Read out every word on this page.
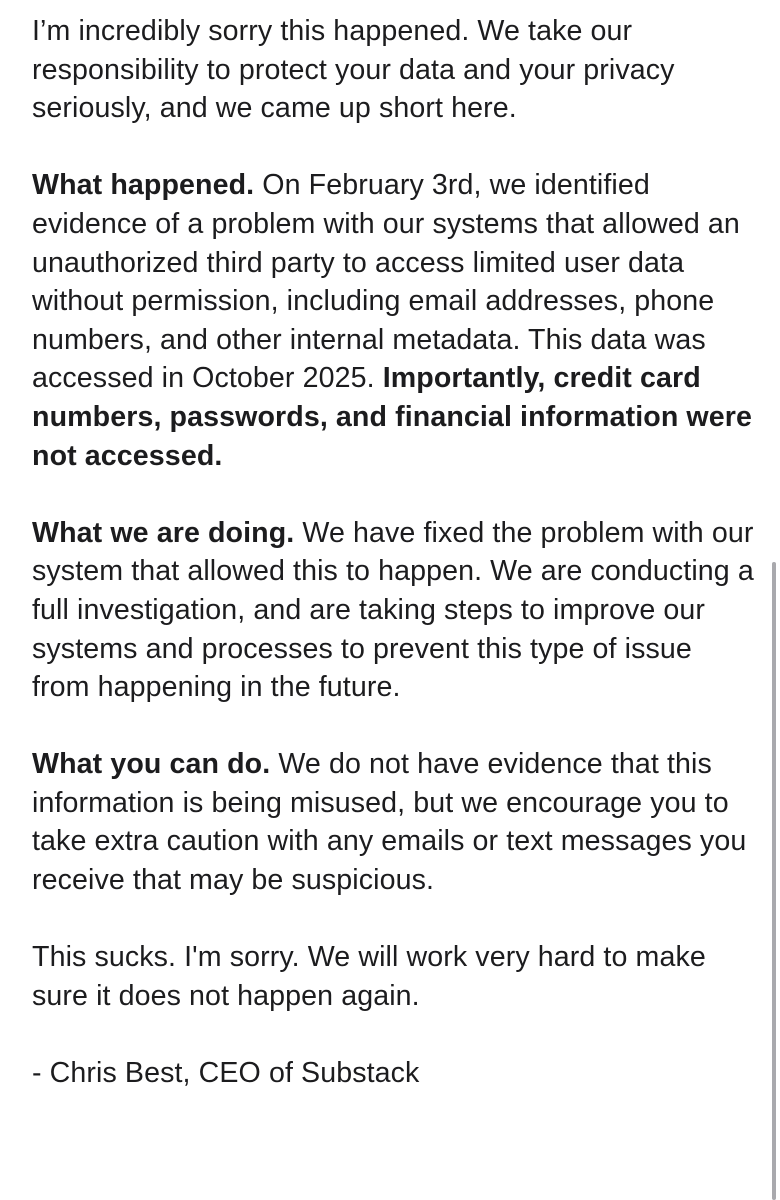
I’m incredibly sorry this happened. We take our responsibility to protect your data and your privacy seriously, and we came up short here.

What happened. On February 3rd, we identified evidence of a problem with our systems that allowed an unauthorized third party to access limited user data without permission, including email addresses, phone numbers, and other internal metadata. This data was accessed in October 2025. Importantly, credit card numbers, passwords, and financial information were not accessed.

What we are doing. We have fixed the problem with our system that allowed this to happen. We are conducting a full investigation, and are taking steps to improve our systems and processes to prevent this type of issue from happening in the future.

What you can do. We do not have evidence that this information is being misused, but we encourage you to take extra caution with any emails or text messages you receive that may be suspicious.

This sucks. I'm sorry. We will work very hard to make sure it does not happen again.

- Chris Best, CEO of Substack
